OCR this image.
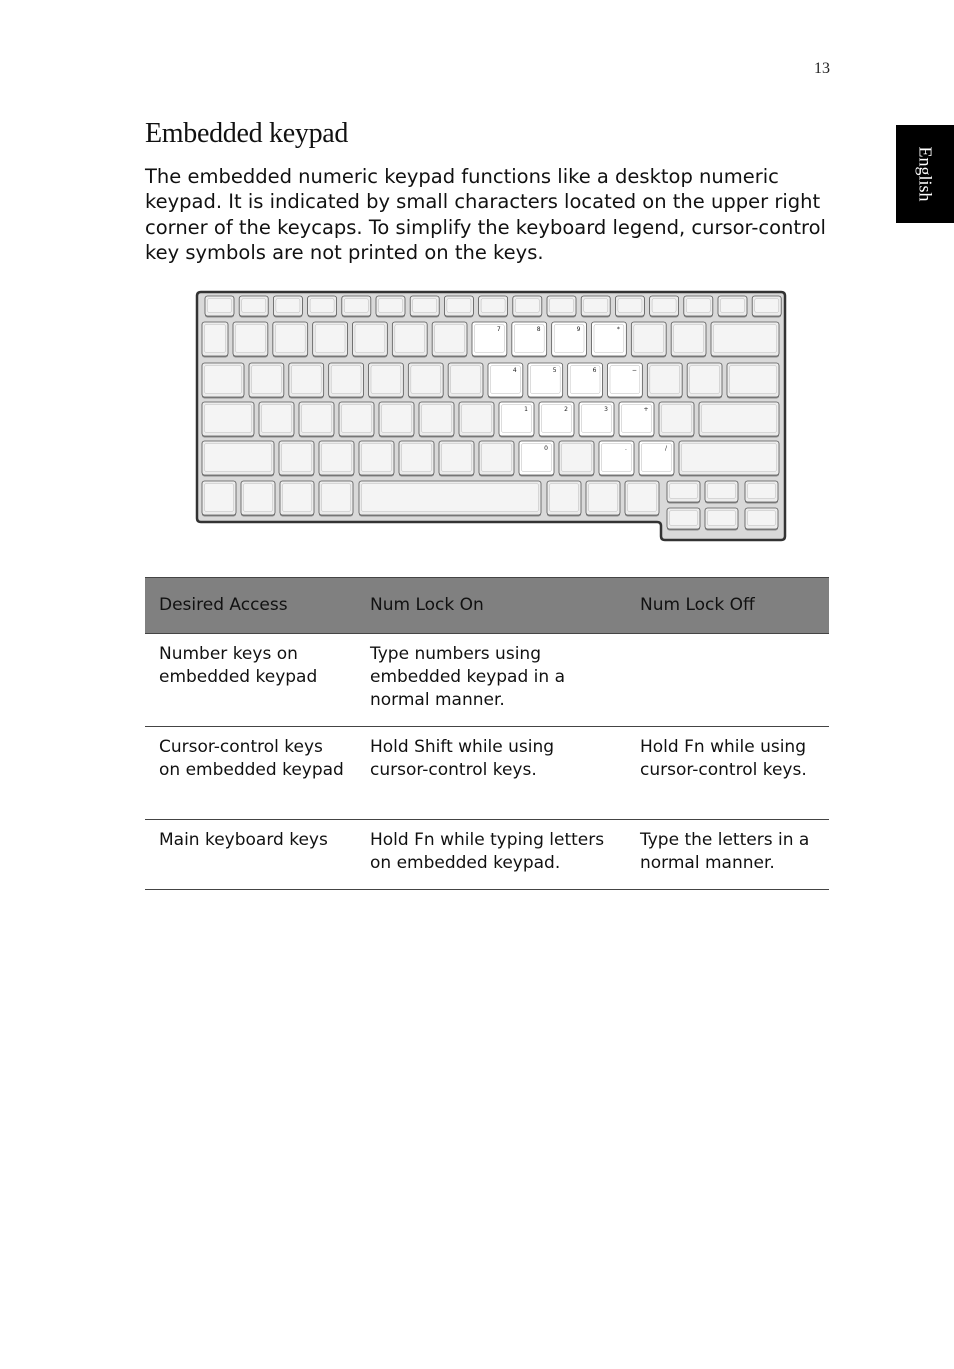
13
English
Embedded keypad

The embedded numeric keypad functions like a desktop numeric keypad. It is indicated by small characters located on the upper right corner of the keycaps. To simplify the keyboard legend, cursor-control key symbols are not printed on the keys.

7	8	9	*
4	5	6	−
1	2	3	+
0	.	/
Desired Access	Num Lock On	Num Lock Off
Number keys on embedded keypad	Type numbers using embedded keypad in a normal manner.	
Cursor-control keys on embedded keypad	Hold Shift while using cursor-control keys.	Hold Fn while using cursor-control keys.
Main keyboard keys	Hold Fn while typing letters on embedded keypad.	Type the letters in a normal manner.
